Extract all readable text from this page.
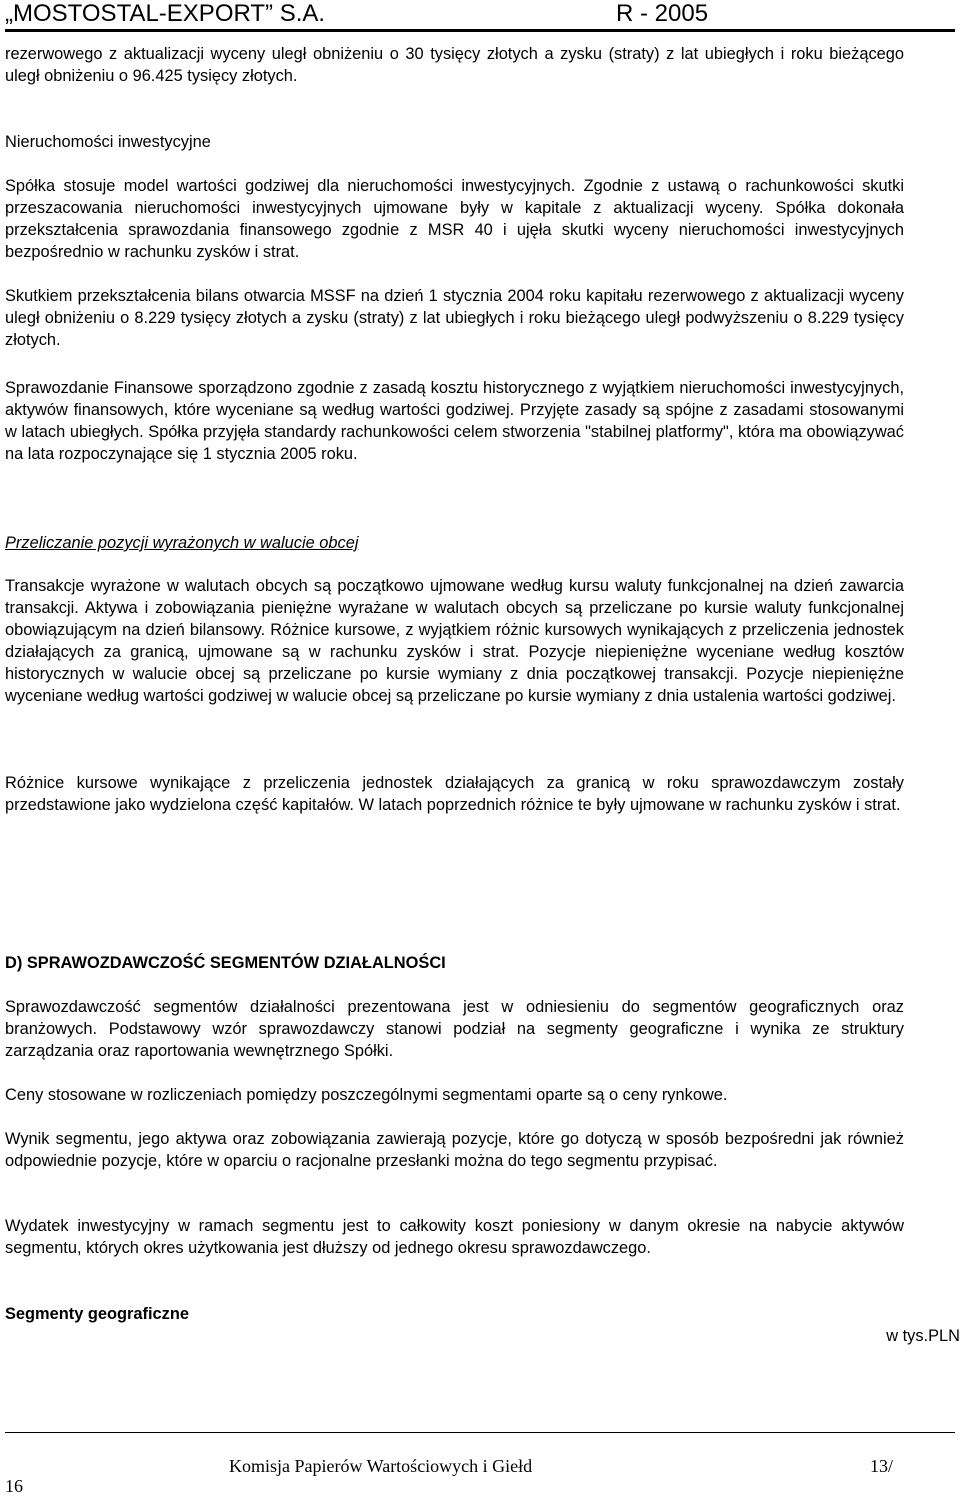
„MOSTOSTAL-EXPORT” S.A.	R - 2005

rezerwowego z aktualizacji wyceny uległ obniżeniu o 30 tysięcy złotych a zysku (straty) z lat ubiegłych i roku bieżącego uległ obniżeniu o 96.425 tysięcy złotych.

Nieruchomości inwestycyjne

Spółka stosuje model wartości godziwej dla nieruchomości inwestycyjnych. Zgodnie z ustawą o rachunkowości skutki przeszacowania nieruchomości inwestycyjnych ujmowane były w kapitale z aktualizacji wyceny. Spółka dokonała przekształcenia sprawozdania finansowego zgodnie z MSR 40 i ujęła skutki wyceny nieruchomości inwestycyjnych bezpośrednio w rachunku zysków i strat.

Skutkiem przekształcenia bilans otwarcia MSSF na dzień 1 stycznia 2004 roku kapitału rezerwowego z aktualizacji wyceny uległ obniżeniu o 8.229 tysięcy złotych a zysku (straty) z lat ubiegłych i roku bieżącego uległ podwyższeniu o 8.229 tysięcy złotych.

Sprawozdanie Finansowe sporządzono zgodnie z zasadą kosztu historycznego z wyjątkiem nieruchomości inwestycyjnych, aktywów finansowych, które wyceniane są według wartości godziwej. Przyjęte zasady są spójne z zasadami stosowanymi w latach ubiegłych. Spółka przyjęła standardy rachunkowości celem stworzenia "stabilnej platformy", która ma obowiązywać na lata rozpoczynające się 1 stycznia 2005 roku.

Przeliczanie pozycji wyrażonych w walucie obcej

Transakcje wyrażone w walutach obcych są początkowo ujmowane według kursu waluty funkcjonalnej na dzień zawarcia transakcji. Aktywa i zobowiązania pieniężne wyrażane w walutach obcych są przeliczane po kursie waluty funkcjonalnej obowiązującym na dzień bilansowy. Różnice kursowe, z wyjątkiem różnic kursowych wynikających z przeliczenia jednostek działających za granicą, ujmowane są w rachunku zysków i strat. Pozycje niepieniężne wyceniane według kosztów historycznych w walucie obcej są przeliczane po kursie wymiany z dnia początkowej transakcji. Pozycje niepieniężne wyceniane według wartości godziwej w walucie obcej są przeliczane po kursie wymiany z dnia ustalenia wartości godziwej.

Różnice kursowe wynikające z przeliczenia jednostek działających za granicą w roku sprawozdawczym zostały przedstawione jako wydzielona część kapitałów. W latach poprzednich różnice te były ujmowane w rachunku zysków i strat.

D) SPRAWOZDAWCZOŚĆ SEGMENTÓW DZIAŁALNOŚCI

Sprawozdawczość segmentów działalności prezentowana jest w odniesieniu do segmentów geograficznych oraz branżowych. Podstawowy wzór sprawozdawczy stanowi podział na segmenty geograficzne i wynika ze struktury zarządzania oraz raportowania wewnętrznego Spółki.

Ceny stosowane w rozliczeniach pomiędzy poszczególnymi segmentami oparte są o ceny rynkowe.

Wynik segmentu, jego aktywa oraz zobowiązania zawierają pozycje, które go dotyczą w sposób bezpośredni jak również odpowiednie pozycje, które w oparciu o racjonalne przesłanki można do tego segmentu przypisać.

Wydatek inwestycyjny w ramach segmentu jest to całkowity koszt poniesiony w danym okresie na nabycie aktywów segmentu, których okres użytkowania jest dłuższy od jednego okresu sprawozdawczego.

Segmenty geograficzne

w tys.PLN
Komisja Papierów Wartościowych i Giełd	13/
16
